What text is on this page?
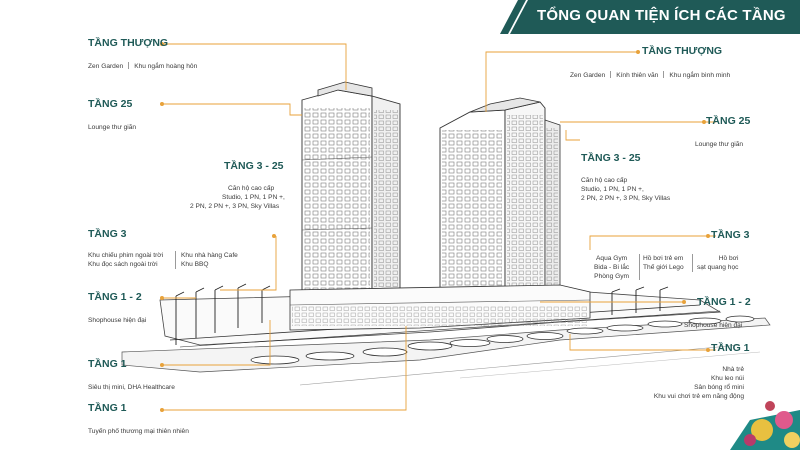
TỔNG QUAN TIỆN ÍCH CÁC TẦNG
TẦNG THƯỢNG
Zen Garden Khu ngắm hoàng hôn
TẦNG 25
Lounge thư giãn
TẦNG 3 - 25
Căn hộ cao cấp
Studio, 1 PN, 1 PN +,
2 PN, 2 PN +, 3 PN, Sky Villas
TẦNG 3
Khu chiếu phim ngoài trời
Khu đọc sách ngoài trời
Khu nhà hàng Cafe
Khu BBQ
TẦNG 1 - 2
Shophouse hiện đại
TẦNG 1
Siêu thị mini, DHA Healthcare
TẦNG 1
Tuyến phố thương mại thiên nhiên
TẦNG THƯỢNG
Zen Garden Kính thiên văn Khu ngắm bình minh
TẦNG 25
Lounge thư giãn
TẦNG 3 - 25
Căn hộ cao cấp
Studio, 1 PN, 1 PN +,
2 PN, 2 PN +, 3 PN, Sky Villas
TẦNG 3
Aqua Gym
Bida - Bi lắc
Phòng Gym
Hồ bơi trẻ em
Thế giới Lego
Hồ bơi
sạt quang học
TẦNG 1 - 2
Shophouse hiện đại
TẦNG 1
Nhà trẻ
Khu leo núi
Sân bóng rổ mini
Khu vui chơi trẻ em năng động
